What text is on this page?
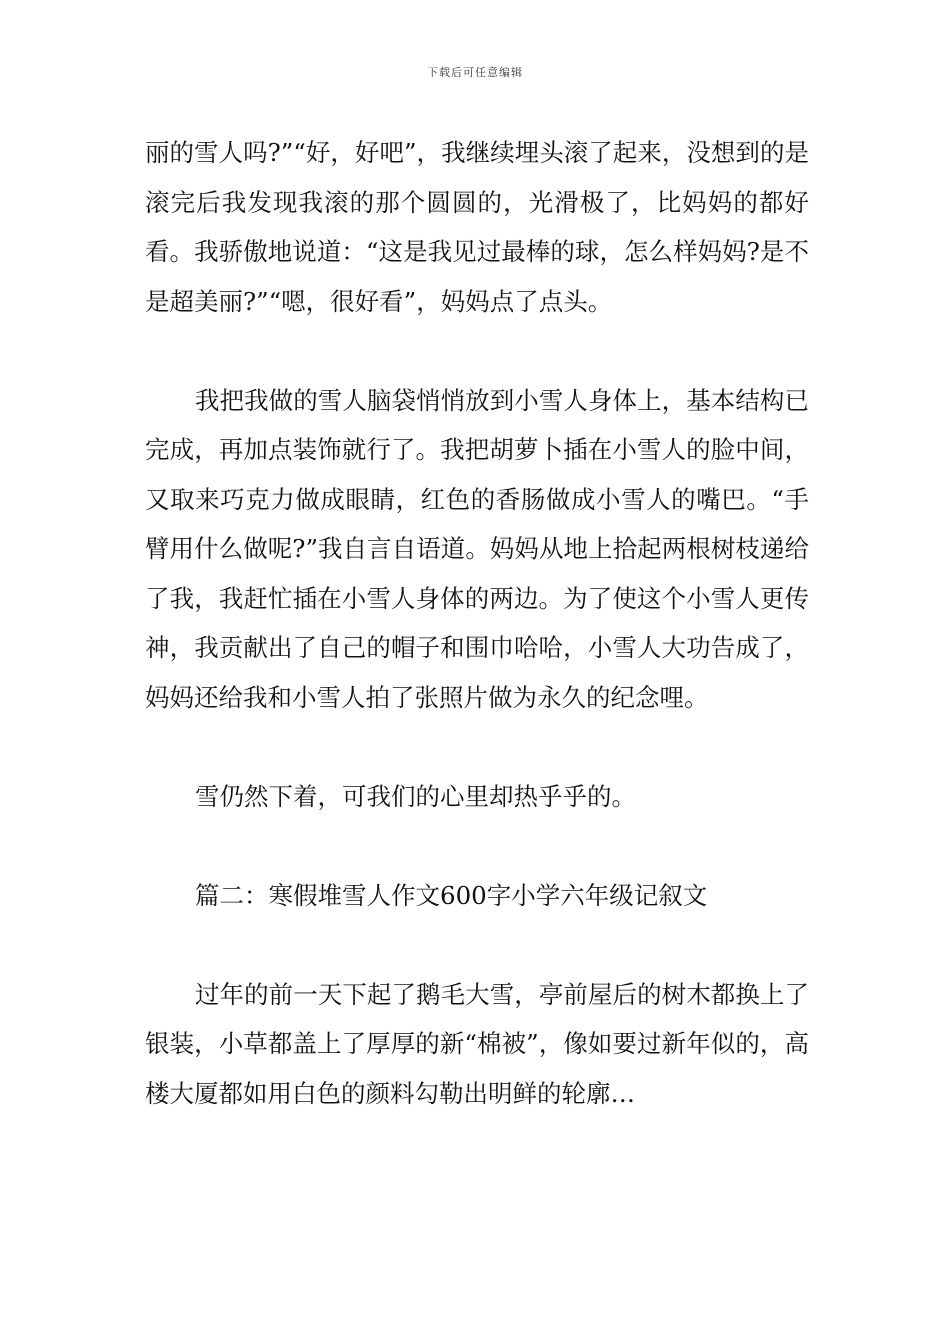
下载后可任意编辑

丽的雪人吗?”“好，好吧”，我继续埋头滚了起来，没想到的是滚完后我发现我滚的那个圆圆的，光滑极了，比妈妈的都好看。我骄傲地说道：“这是我见过最棒的球，怎么样妈妈?是不是超美丽?”“嗯，很好看”，妈妈点了点头。

我把我做的雪人脑袋悄悄放到小雪人身体上，基本结构已完成，再加点装饰就行了。我把胡萝卜插在小雪人的脸中间，又取来巧克力做成眼睛，红色的香肠做成小雪人的嘴巴。“手臂用什么做呢?”我自言自语道。妈妈从地上拾起两根树枝递给了我，我赶忙插在小雪人身体的两边。为了使这个小雪人更传神，我贡献出了自己的帽子和围巾哈哈，小雪人大功告成了，妈妈还给我和小雪人拍了张照片做为永久的纪念哩。

雪仍然下着，可我们的心里却热乎乎的。

篇二：寒假堆雪人作文600字小学六年级记叙文

过年的前一天下起了鹅毛大雪，亭前屋后的树木都换上了银装，小草都盖上了厚厚的新“棉被”，像如要过新年似的，高楼大厦都如用白色的颜料勾勒出明鲜的轮廓…
